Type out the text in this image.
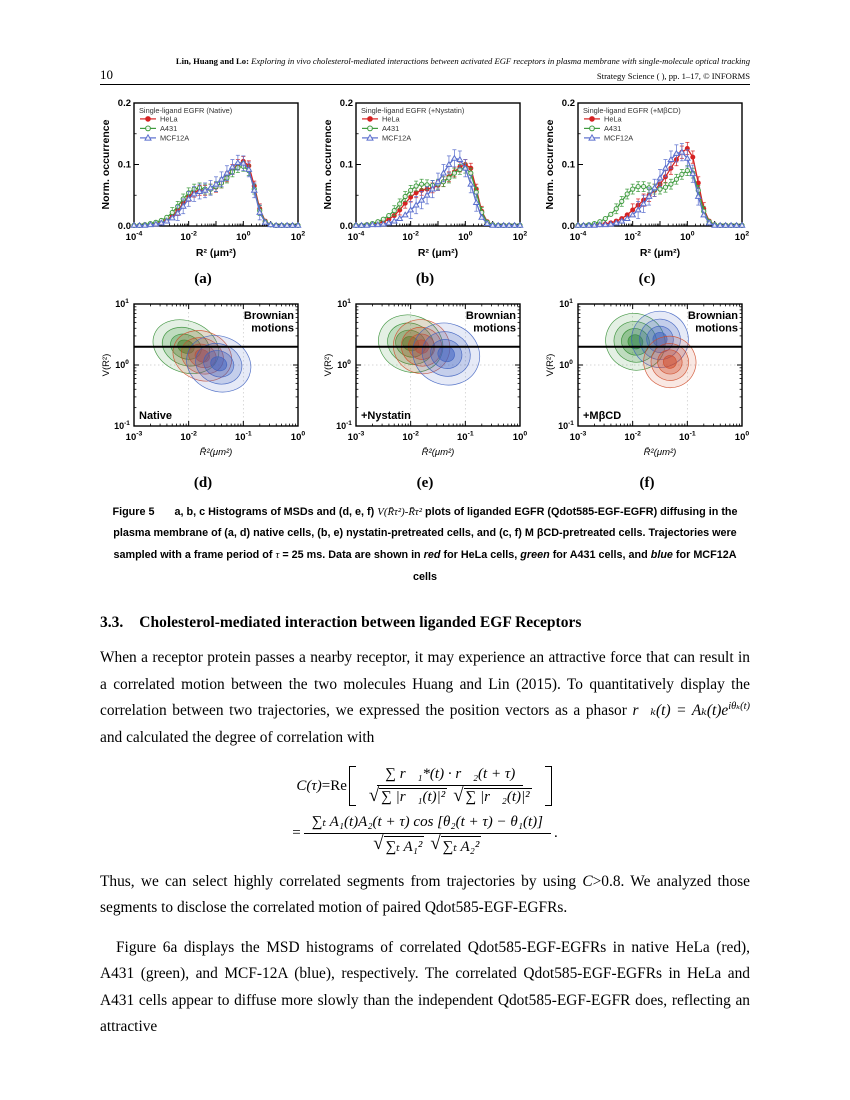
Lin, Huang and Lo: Exploring in vivo cholesterol-mediated interactions between activated EGF receptors in plasma membrane with single-molecule optical tracking
10	Strategy Science ( ), pp. 1–17, © INFORMS
$10^{-4}$	$10^{-2}$	$10^0$	$10^2$
0.0
0.1
0.2
R² (μm²)
Norm. occurrence
Single-ligand EGFR (Native)
HeLa
A431
MCF12A
(a)
$10^{-4}$	$10^{-2}$	$10^0$	$10^2$
0.0
0.1
0.2
R² (μm²)
Norm. occurrence
Single-ligand EGFR (+Nystatin)
HeLa
A431
MCF12A
(b)
$10^{-4}$	$10^{-2}$	$10^0$	$10^2$
0.0
0.1
0.2
R² (μm²)
Norm. occurrence
Single-ligand EGFR (+MβCD)
HeLa
A431
MCF12A
(c)
$10^{-3}$	$10^{-2}$	$10^{-1}$	$10^0$
$10^1$
$10^0$
$10^{-1}$
R̄²(μm²)
V(R²)
Native
Brownian
motions
(d)
$10^{-3}$	$10^{-2}$	$10^{-1}$	$10^0$
$10^1$
$10^0$
$10^{-1}$
R̄²(μm²)
V(R²)
+Nystatin
Brownian
motions
(e)
$10^{-3}$	$10^{-2}$	$10^{-1}$	$10^0$
$10^1$
$10^0$
$10^{-1}$
R̄²(μm²)
V(R²)
+MβCD
Brownian
motions
(f)
Figure 5 a, b, c Histograms of MSDs and (d, e, f) V(R̄τ²)-R̄τ² plots of liganded EGFR (Qdot585-EGF-EGFR) diffusing in the plasma membrane of (a, d) native cells, (b, e) nystatin-pretreated cells, and (c, f) M βCD-pretreated cells. Trajectories were sampled with a frame period of τ = 25 ms. Data are shown in red for HeLa cells, green for A431 cells, and blue for MCF12A cells
3.3. Cholesterol-mediated interaction between liganded EGF Receptors

When a receptor protein passes a nearby receptor, it may experience an attractive force that can result in a correlated motion between the two molecules Huang and Lin (2015). To quantitatively display the correlation between two trajectories, we expressed the position vectors as a phasor r⃗ₖ(t) = $A_k(t)e^{i\theta_k(t)}$ and calculated the degree of correlation with

C(τ) = Re $\frac{\text{∑ r⃗₁*(t) · r⃗₂(t + τ)}}{\text{√ ∑ |r⃗₁(t)|² √ ∑ |r⃗₂(t)|²}}$
= $\frac{\text{∑ₜ A₁(t)A₂(t + τ) cos [θ₂(t + τ) − θ₁(t)]}}{\text{√ ∑ₜ A₁² √ ∑ₜ A₂²}}$ .

Thus, we can select highly correlated segments from trajectories by using C>0.8. We analyzed those segments to disclose the correlated motion of paired Qdot585-EGF-EGFRs.

Figure 6a displays the MSD histograms of correlated Qdot585-EGF-EGFRs in native HeLa (red), A431 (green), and MCF-12A (blue), respectively. The correlated Qdot585-EGF-EGFRs in HeLa and A431 cells appear to diffuse more slowly than the independent Qdot585-EGF-EGFR does, reflecting an attractive
